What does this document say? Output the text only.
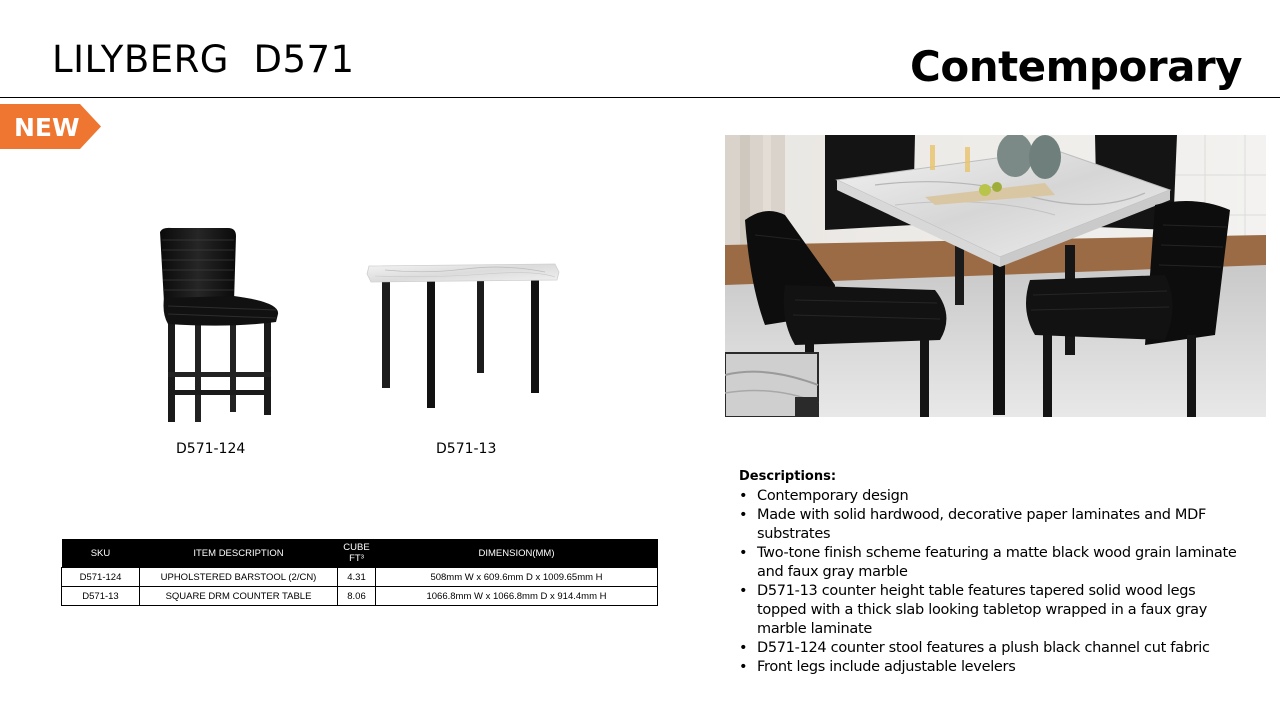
LILYBERG  D571	Contemporary
NEW
D571-124	D571-13
SKU	ITEM DESCRIPTION	CUBE FT³	DIMENSION(MM)
D571-124	UPHOLSTERED BARSTOOL (2/CN)	4.31	508mm W x 609.6mm D x 1009.65mm H
D571-13	SQUARE DRM COUNTER TABLE	8.06	1066.8mm W x 1066.8mm D x 914.4mm H
Descriptions:
• Contemporary design
• Made with solid hardwood, decorative paper laminates and MDF substrates
• Two-tone finish scheme featuring a matte black wood grain laminate and faux gray marble
• D571-13 counter height table features tapered solid wood legs topped with a thick slab looking tabletop wrapped in a faux gray marble laminate
• D571-124 counter stool features a plush black channel cut fabric
• Front legs include adjustable levelers
